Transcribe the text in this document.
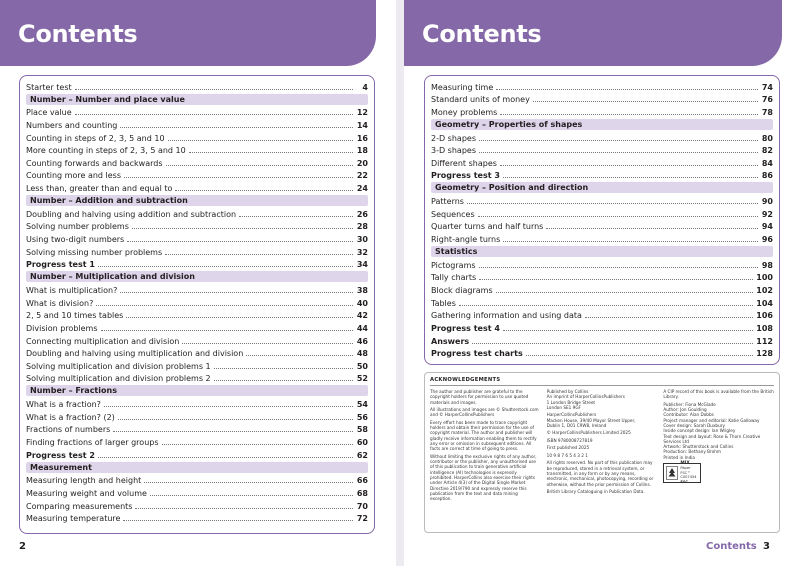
Contents
Starter test	4
Number – Number and place value
Place value	12
Numbers and counting	14
Counting in steps of 2, 3, 5 and 10	16
More counting in steps of 2, 3, 5 and 10	18
Counting forwards and backwards	20
Counting more and less	22
Less than, greater than and equal to	24
Number – Addition and subtraction
Doubling and halving using addition and subtraction	26
Solving number problems	28
Using two-digit numbers	30
Solving missing number problems	32
Progress test 1	34
Number – Multiplication and division
What is multiplication?	38
What is division?	40
2, 5 and 10 times tables	42
Division problems	44
Connecting multiplication and division	46
Doubling and halving using multiplication and division	48
Solving multiplication and division problems 1	50
Solving multiplication and division problems 2	52
Number – Fractions
What is a fraction?	54
What is a fraction? (2)	56
Fractions of numbers	58
Finding fractions of larger groups	60
Progress test 2	62
Measurement
Measuring length and height	66
Measuring weight and volume	68
Comparing measurements	70
Measuring temperature	72
2
Contents
Measuring time	74
Standard units of money	76
Money problems	78
Geometry – Properties of shapes
2-D shapes	80
3-D shapes	82
Different shapes	84
Progress test 3	86
Geometry – Position and direction
Patterns	90
Sequences	92
Quarter turns and half turns	94
Right-angle turns	96
Statistics
Pictograms	98
Tally charts	100
Block diagrams	102
Tables	104
Gathering information and using data	106
Progress test 4	108
Answers	112
Progress test charts	128
ACKNOWLEDGEMENTS

The author and publisher are grateful to the copyright holders for permission to use quoted materials and images.

All illustrations and images are © Shutterstock.com and © HarperCollinsPublishers

Every effort has been made to trace copyright holders and obtain their permission for the use of copyright material. The author and publisher will gladly receive information enabling them to rectify any error or omission in subsequent editions. All facts are correct at time of going to press.

Without limiting the exclusive rights of any author, contributor or the publisher, any unauthorised use of this publication to train generative artificial intelligence (AI) technologies is expressly prohibited. HarperCollins also exercise their rights under Article 4(3) of the Digital Single Market Directive 2019/790 and expressly reserve this publication from the text and data mining exception.

Published by Collins
An imprint of HarperCollinsPublishers
1 London Bridge Street
London SE1 9GF

HarperCollinsPublishers
Macken House, 39/40 Mayor Street Upper,
Dublin 1, D01 C9W8, Ireland

© HarperCollinsPublishers Limited 2025

ISBN 9780008727819

First published 2025

10 9 8 7 6 5 4 3 2 1

All rights reserved. No part of this publication may be reproduced, stored in a retrieval system, or transmitted, in any form or by any means, electronic, mechanical, photocopying, recording or otherwise, without the prior permission of Collins.

British Library Cataloguing in Publication Data.

A CIP record of this book is available from the British Library.

Publisher: Fiona McGlade
Author: Jon Goulding
Contributor: Alan Dobbs
Project manager and editorial: Katie Galloway
Cover design: Sarah Duxbury
Inside concept design: Ian Wrigley
Text design and layout: Rose & Thorn Creative Services Ltd
Artwork: Shutterstock and Collins
Production: Bethany Brohm
Printed in India

MIX
Paper
FSC™ C007454
FSC
Contents 3
